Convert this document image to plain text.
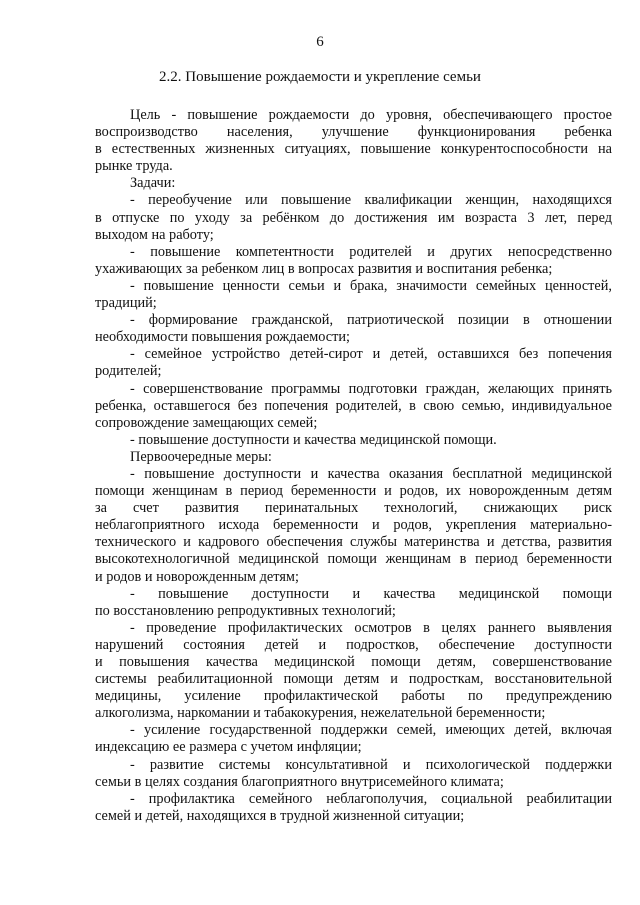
6
2.2. Повышение рождаемости и укрепление семьи
Цель - повышение рождаемости до уровня, обеспечивающего простое
воспроизводство населения, улучшение функционирования ребенка
в естественных жизненных ситуациях, повышение конкурентоспособности на
рынке труда.
Задачи:
- переобучение или повышение квалификации женщин, находящихся
в отпуске по уходу за ребёнком до достижения им возраста 3 лет, перед
выходом на работу;
- повышение компетентности родителей и других непосредственно
ухаживающих за ребенком лиц в вопросах развития и воспитания ребенка;
- повышение ценности семьи и брака, значимости семейных ценностей,
традиций;
- формирование гражданской, патриотической позиции в отношении
необходимости повышения рождаемости;
- семейное устройство детей-сирот и детей, оставшихся без попечения
родителей;
- совершенствование программы подготовки граждан, желающих принять
ребенка, оставшегося без попечения родителей, в свою семью, индивидуальное
сопровождение замещающих семей;
- повышение доступности и качества медицинской помощи.
Первоочередные меры:
- повышение доступности и качества оказания бесплатной медицинской
помощи женщинам в период беременности и родов, их новорожденным детям
за счет развития перинатальных технологий, снижающих риск
неблагоприятного исхода беременности и родов, укрепления материально-
технического и кадрового обеспечения службы материнства и детства, развития
высокотехнологичной медицинской помощи женщинам в период беременности
и родов и новорожденным детям;
- повышение доступности и качества медицинской помощи
по восстановлению репродуктивных технологий;
- проведение профилактических осмотров в целях раннего выявления
нарушений состояния детей и подростков, обеспечение доступности
и повышения качества медицинской помощи детям, совершенствование
системы реабилитационной помощи детям и подросткам, восстановительной
медицины, усиление профилактической работы по предупреждению
алкоголизма, наркомании и табакокурения, нежелательной беременности;
- усиление государственной поддержки семей, имеющих детей, включая
индексацию ее размера с учетом инфляции;
- развитие системы консультативной и психологической поддержки
семьи в целях создания благоприятного внутрисемейного климата;
- профилактика семейного неблагополучия, социальной реабилитации
семей и детей, находящихся в трудной жизненной ситуации;
